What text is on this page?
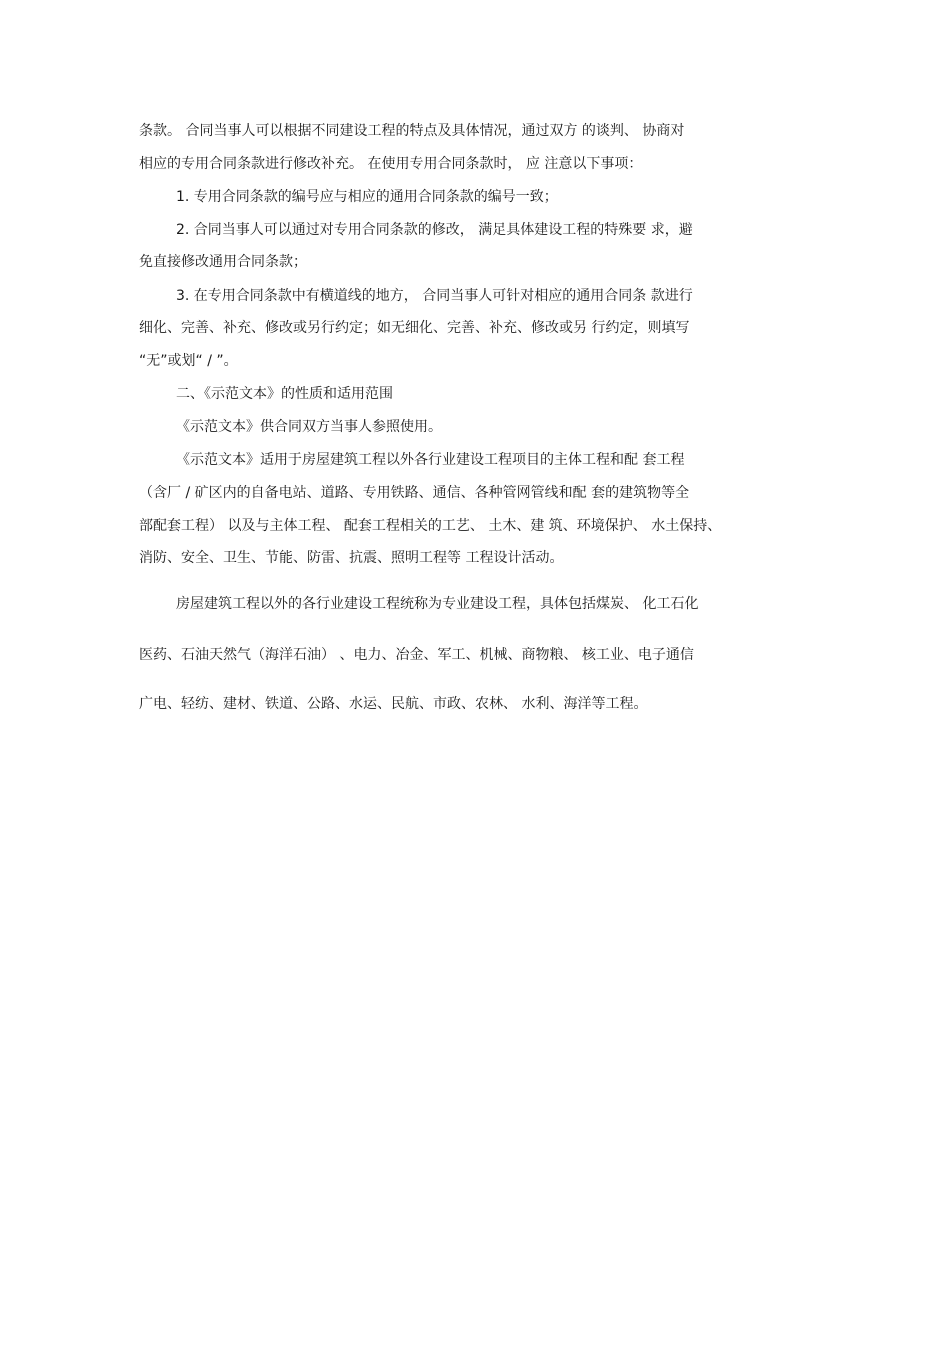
条款。 合同当事人可以根据不同建设工程的特点及具体情况，通过双方 的谈判、 协商对

相应的专用合同条款进行修改补充。 在使用专用合同条款时， 应 注意以下事项：

1. 专用合同条款的编号应与相应的通用合同条款的编号一致；

2. 合同当事人可以通过对专用合同条款的修改， 满足具体建设工程的特殊要 求，避

免直接修改通用合同条款；

3. 在专用合同条款中有横道线的地方， 合同当事人可针对相应的通用合同条 款进行

细化、完善、补充、修改或另行约定；如无细化、完善、补充、修改或另 行约定，则填写

“无”或划“ / ”。

二、《示范文本》的性质和适用范围

《示范文本》供合同双方当事人参照使用。

《示范文本》适用于房屋建筑工程以外各行业建设工程项目的主体工程和配 套工程

（含厂 / 矿区内的自备电站、道路、专用铁路、通信、各种管网管线和配 套的建筑物等全

部配套工程） 以及与主体工程、 配套工程相关的工艺、 土木、建 筑、环境保护、 水土保持、

消防、安全、卫生、节能、防雷、抗震、照明工程等 工程设计活动。

房屋建筑工程以外的各行业建设工程统称为专业建设工程，具体包括煤炭、 化工石化

医药、石油天然气（海洋石油） 、电力、冶金、军工、机械、商物粮、 核工业、电子通信

广电、轻纺、建材、铁道、公路、水运、民航、市政、农林、 水利、海洋等工程。
